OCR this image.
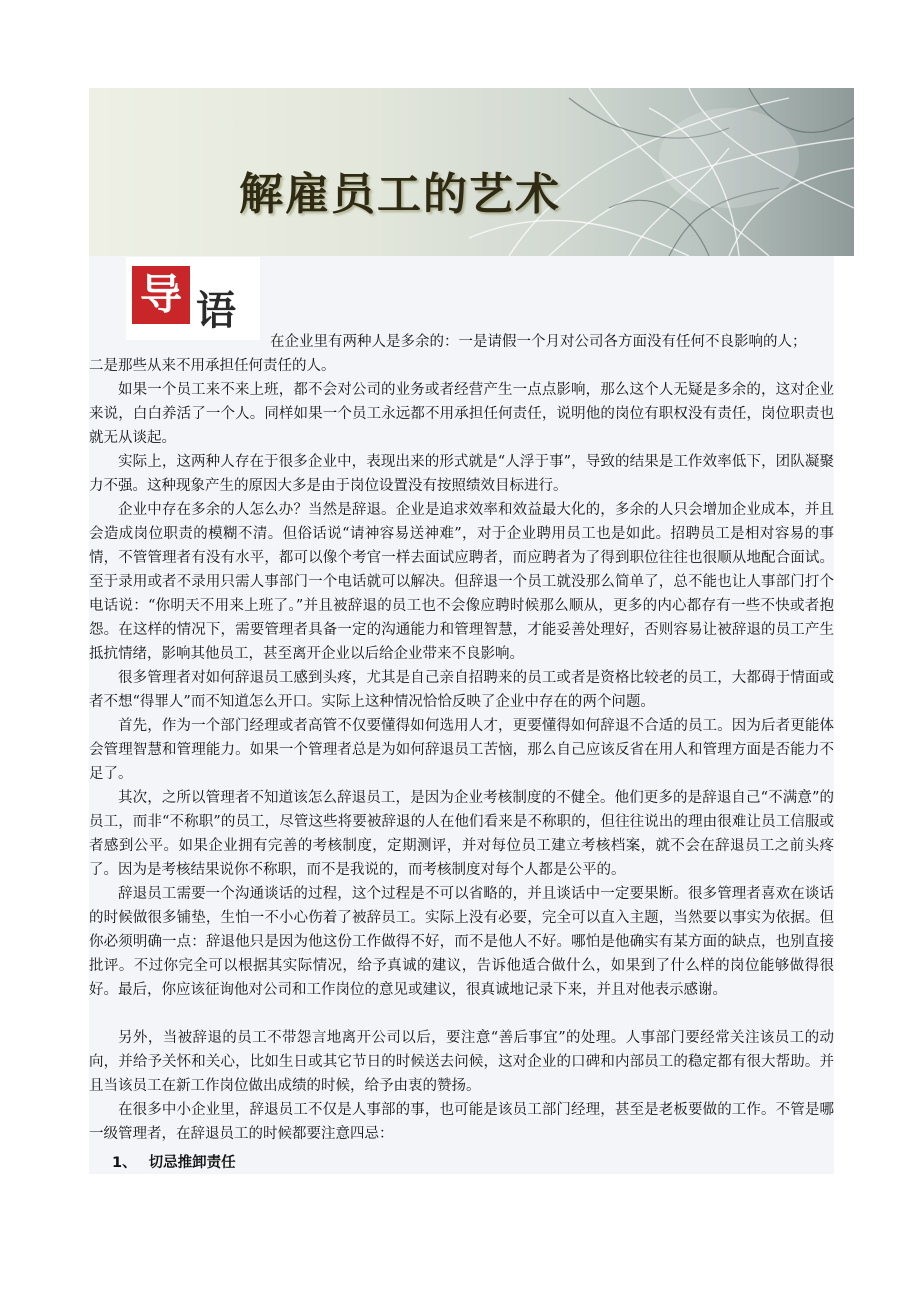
解雇员工的艺术
导 语

在企业里有两种人是多余的：一是请假一个月对公司各方面没有任何不良影响的人；

二是那些从来不用承担任何责任的人。

如果一个员工来不来上班，都不会对公司的业务或者经营产生一点点影响，那么这个人无疑是多余的，这对企业来说，白白养活了一个人。同样如果一个员工永远都不用承担任何责任，说明他的岗位有职权没有责任，岗位职责也就无从谈起。

实际上，这两种人存在于很多企业中，表现出来的形式就是“人浮于事”，导致的结果是工作效率低下，团队凝聚力不强。这种现象产生的原因大多是由于岗位设置没有按照绩效目标进行。

企业中存在多余的人怎么办？当然是辞退。企业是追求效率和效益最大化的，多余的人只会增加企业成本，并且会造成岗位职责的模糊不清。但俗话说“请神容易送神难”，对于企业聘用员工也是如此。招聘员工是相对容易的事情，不管管理者有没有水平，都可以像个考官一样去面试应聘者，而应聘者为了得到职位往往也很顺从地配合面试。至于录用或者不录用只需人事部门一个电话就可以解决。但辞退一个员工就没那么简单了，总不能也让人事部门打个电话说：“你明天不用来上班了。”并且被辞退的员工也不会像应聘时候那么顺从，更多的内心都存有一些不快或者抱怨。在这样的情况下，需要管理者具备一定的沟通能力和管理智慧，才能妥善处理好，否则容易让被辞退的员工产生抵抗情绪，影响其他员工，甚至离开企业以后给企业带来不良影响。

很多管理者对如何辞退员工感到头疼，尤其是自己亲自招聘来的员工或者是资格比较老的员工，大都碍于情面或者不想“得罪人”而不知道怎么开口。实际上这种情况恰恰反映了企业中存在的两个问题。

首先，作为一个部门经理或者高管不仅要懂得如何选用人才，更要懂得如何辞退不合适的员工。因为后者更能体会管理智慧和管理能力。如果一个管理者总是为如何辞退员工苦恼，那么自己应该反省在用人和管理方面是否能力不足了。

其次，之所以管理者不知道该怎么辞退员工，是因为企业考核制度的不健全。他们更多的是辞退自己“不满意”的员工，而非“不称职”的员工，尽管这些将要被辞退的人在他们看来是不称职的，但往往说出的理由很难让员工信服或者感到公平。如果企业拥有完善的考核制度，定期测评，并对每位员工建立考核档案，就不会在辞退员工之前头疼了。因为是考核结果说你不称职，而不是我说的，而考核制度对每个人都是公平的。

辞退员工需要一个沟通谈话的过程，这个过程是不可以省略的，并且谈话中一定要果断。很多管理者喜欢在谈话的时候做很多铺垫，生怕一不小心伤着了被辞员工。实际上没有必要，完全可以直入主题，当然要以事实为依据。但你必须明确一点：辞退他只是因为他这份工作做得不好，而不是他人不好。哪怕是他确实有某方面的缺点，也别直接批评。不过你完全可以根据其实际情况，给予真诚的建议，告诉他适合做什么，如果到了什么样的岗位能够做得很好。最后，你应该征询他对公司和工作岗位的意见或建议，很真诚地记录下来，并且对他表示感谢。

另外，当被辞退的员工不带怨言地离开公司以后，要注意“善后事宜”的处理。人事部门要经常关注该员工的动向，并给予关怀和关心，比如生日或其它节日的时候送去问候，这对企业的口碑和内部员工的稳定都有很大帮助。并且当该员工在新工作岗位做出成绩的时候，给予由衷的赞扬。

在很多中小企业里，辞退员工不仅是人事部的事，也可能是该员工部门经理，甚至是老板要做的工作。不管是哪一级管理者，在辞退员工的时候都要注意四忌：

1、 切忌推卸责任
